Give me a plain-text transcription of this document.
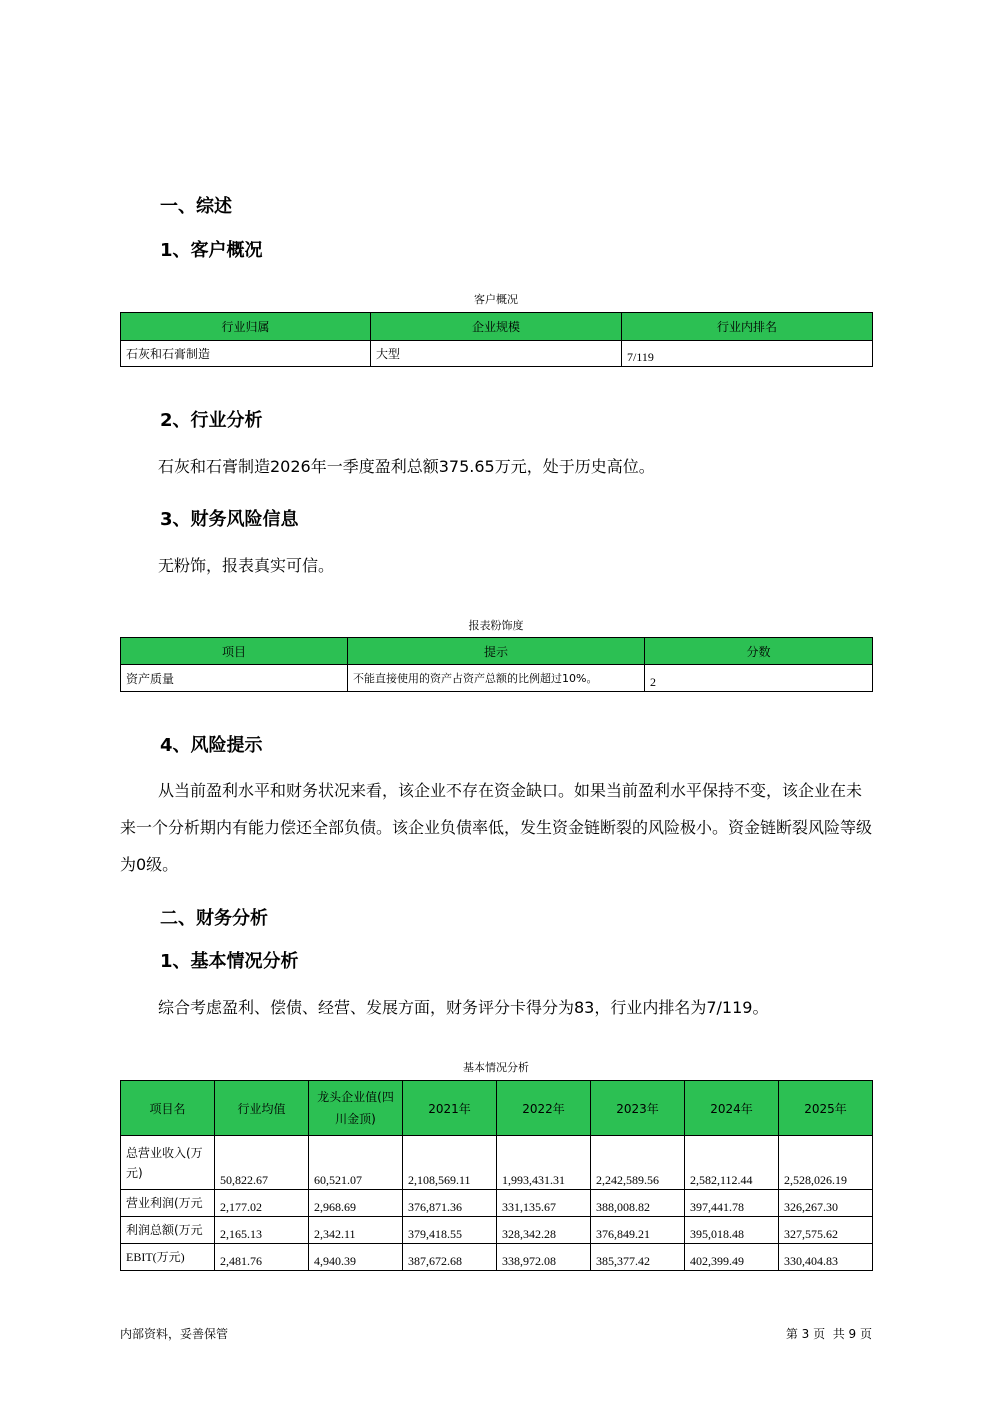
一、综述
1、客户概况
客户概况
行业归属	企业规模	行业内排名
石灰和石膏制造	大型	7/119
2、行业分析
石灰和石膏制造2026年一季度盈利总额375.65万元，处于历史高位。
3、财务风险信息
无粉饰，报表真实可信。
报表粉饰度
项目	提示	分数
资产质量	不能直接使用的资产占资产总额的比例超过10%。	2
4、风险提示
从当前盈利水平和财务状况来看，该企业不存在资金缺口。如果当前盈利水平保持不变，该企业在未来一个分析期内有能力偿还全部负债。该企业负债率低，发生资金链断裂的风险极小。资金链断裂风险等级为0级。
二、财务分析
1、基本情况分析
综合考虑盈利、偿债、经营、发展方面，财务评分卡得分为83，行业内排名为7/119。
基本情况分析
项目名	行业均值	龙头企业值(四川金顶)	2021年	2022年	2023年	2024年	2025年
总营业收入(万元)	50,822.67	60,521.07	2,108,569.11	1,993,431.31	2,242,589.56	2,582,112.44	2,528,026.19
营业利润(万元	2,177.02	2,968.69	376,871.36	331,135.67	388,008.82	397,441.78	326,267.30
利润总额(万元	2,165.13	2,342.11	379,418.55	328,342.28	376,849.21	395,018.48	327,575.62
EBIT(万元)	2,481.76	4,940.39	387,672.68	338,972.08	385,377.42	402,399.49	330,404.83
内部资料，妥善保管	第 3 页  共 9 页
